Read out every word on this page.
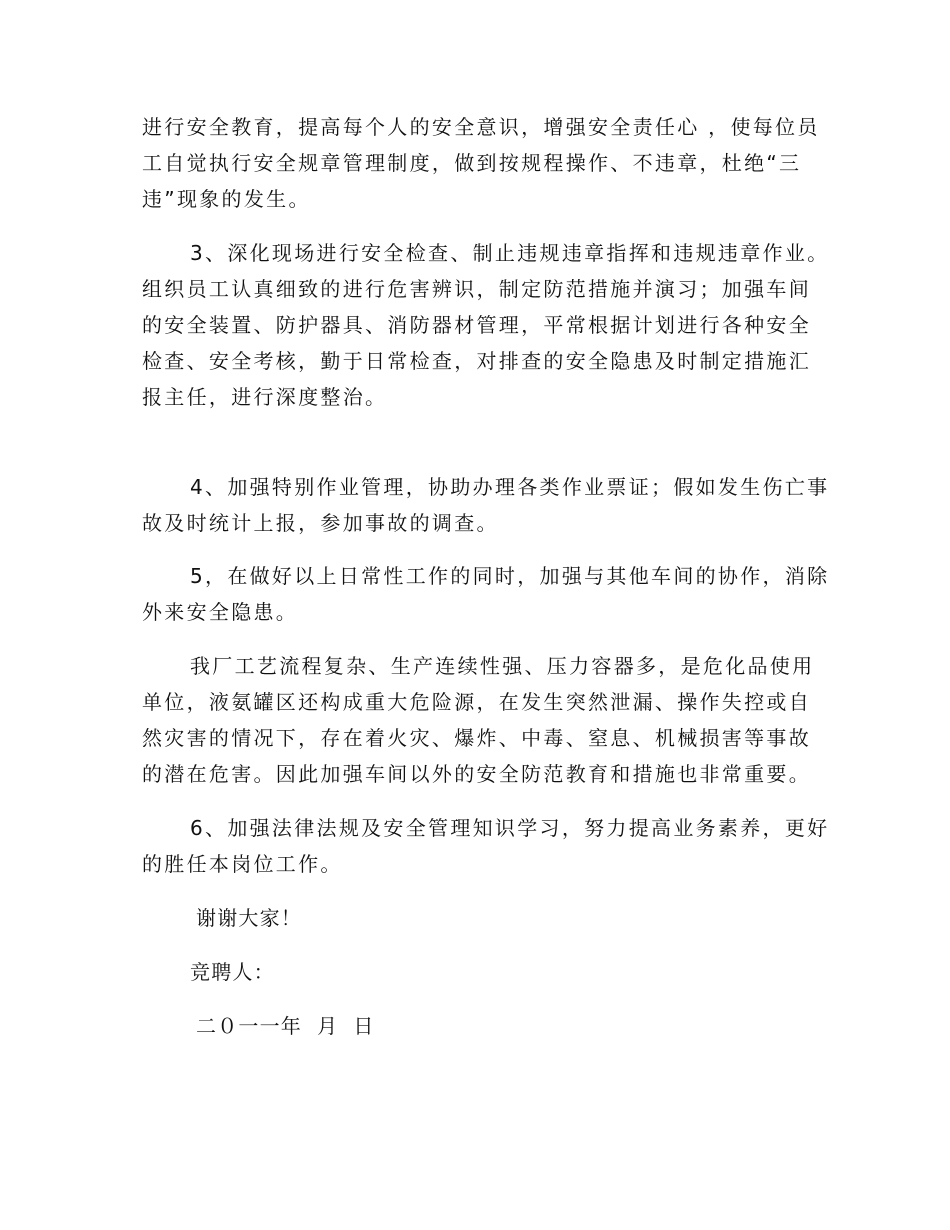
进行安全教育，提高每个人的安全意识，增强安全责任心 ，使每位员
工自觉执行安全规章管理制度，做到按规程操作、不违章，杜绝“三
违”现象的发生。
3、深化现场进行安全检查、制止违规违章指挥和违规违章作业。
组织员工认真细致的进行危害辨识，制定防范措施并演习；加强车间
的安全装置、防护器具、消防器材管理，平常根据计划进行各种安全
检查、安全考核，勤于日常检查，对排查的安全隐患及时制定措施汇
报主任，进行深度整治。
4、加强特别作业管理，协助办理各类作业票证；假如发生伤亡事
故及时统计上报，参加事故的调查。
5，在做好以上日常性工作的同时，加强与其他车间的协作，消除
外来安全隐患。
我厂工艺流程复杂、生产连续性强、压力容器多，是危化品使用
单位，液氨罐区还构成重大危险源，在发生突然泄漏、操作失控或自
然灾害的情况下，存在着火灾、爆炸、中毒、窒息、机械损害等事故
的潜在危害。因此加强车间以外的安全防范教育和措施也非常重要。
6、加强法律法规及安全管理知识学习，努力提高业务素养，更好
的胜任本岗位工作。
谢谢大家！
竞聘人：
二０一一年  月  日
